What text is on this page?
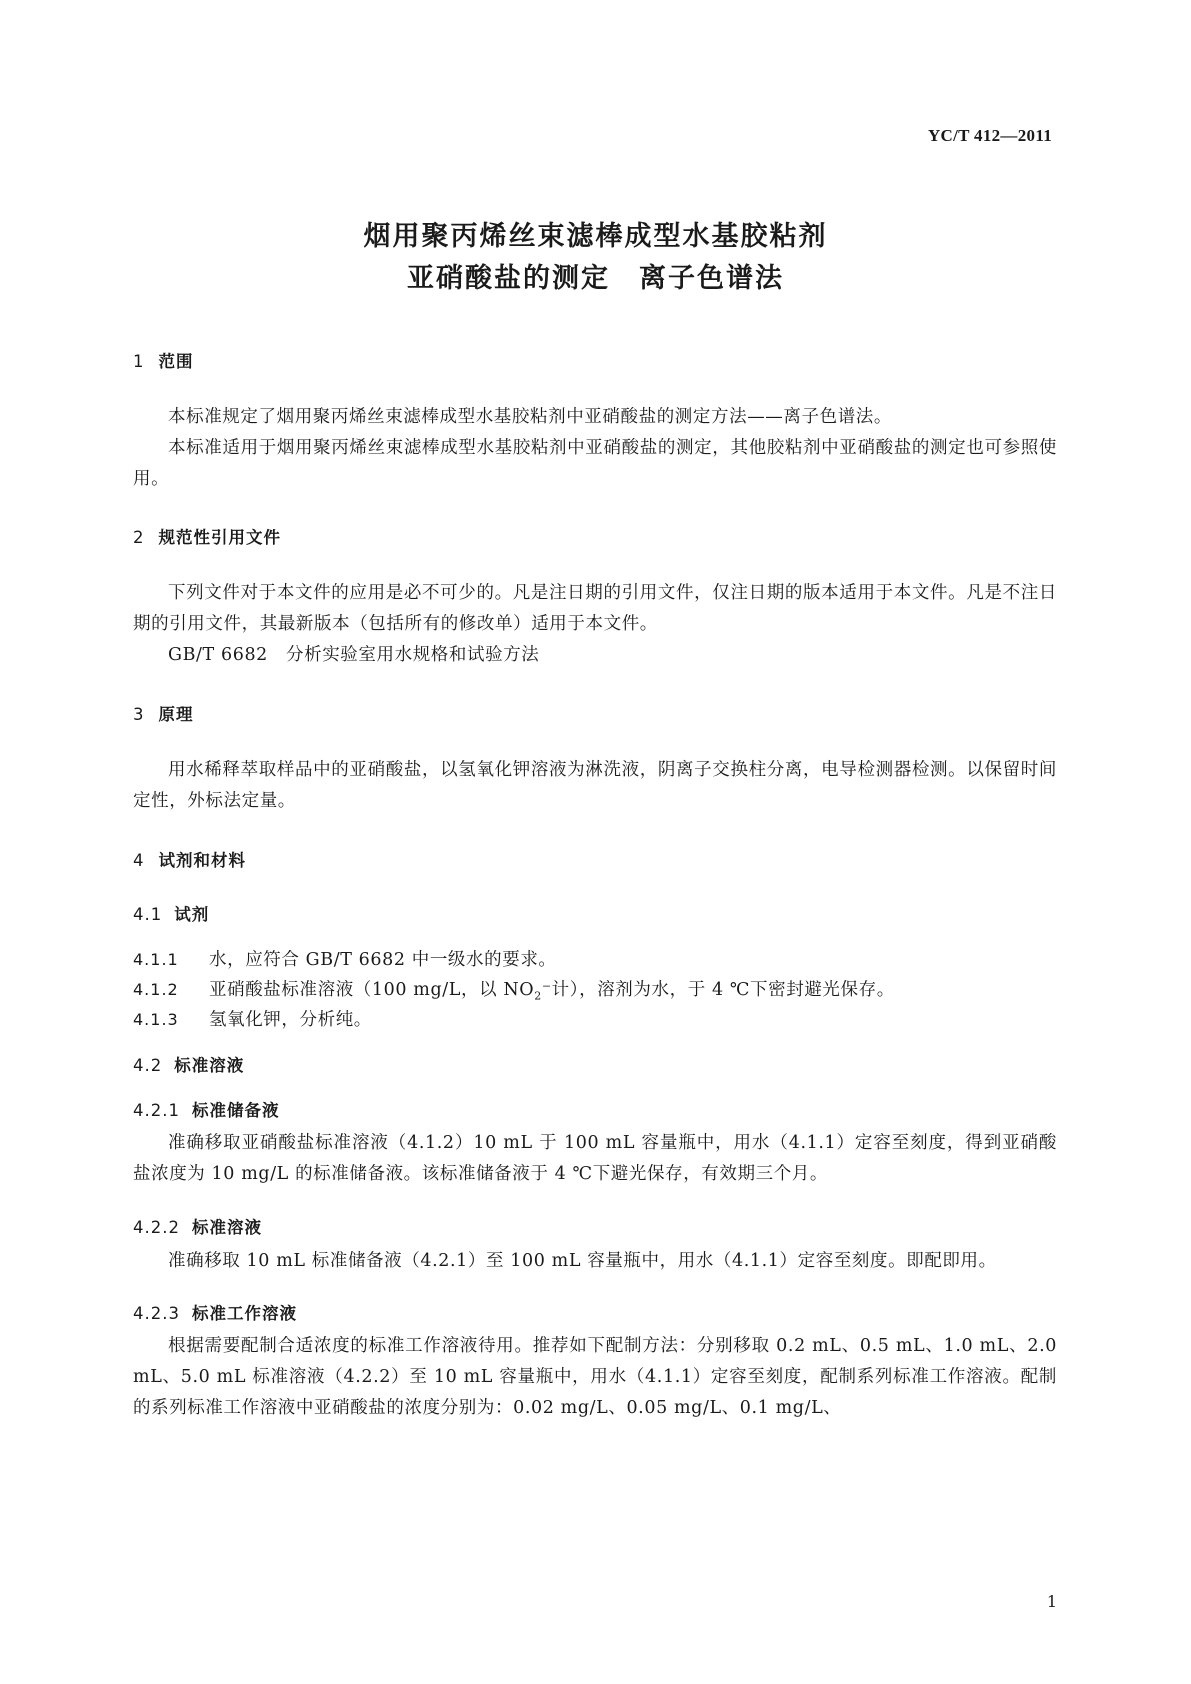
YC/T 412—2011
烟用聚丙烯丝束滤棒成型水基胶粘剂
亚硝酸盐的测定　离子色谱法
1 范围
本标准规定了烟用聚丙烯丝束滤棒成型水基胶粘剂中亚硝酸盐的测定方法——离子色谱法。
本标准适用于烟用聚丙烯丝束滤棒成型水基胶粘剂中亚硝酸盐的测定，其他胶粘剂中亚硝酸盐的测定也可参照使用。
2 规范性引用文件
下列文件对于本文件的应用是必不可少的。凡是注日期的引用文件，仅注日期的版本适用于本文件。凡是不注日期的引用文件，其最新版本（包括所有的修改单）适用于本文件。
GB/T 6682　分析实验室用水规格和试验方法
3 原理
用水稀释萃取样品中的亚硝酸盐，以氢氧化钾溶液为淋洗液，阴离子交换柱分离，电导检测器检测。以保留时间定性，外标法定量。
4 试剂和材料
4.1 试剂
4.1.1 水，应符合 GB/T 6682 中一级水的要求。
4.1.2 亚硝酸盐标准溶液（100 mg/L，以 $NO_2^-$计），溶剂为水，于 4 ℃下密封避光保存。
4.1.3 氢氧化钾，分析纯。
4.2 标准溶液
4.2.1 标准储备液
准确移取亚硝酸盐标准溶液（4.1.2）10 mL 于 100 mL 容量瓶中，用水（4.1.1）定容至刻度，得到亚硝酸盐浓度为 10 mg/L 的标准储备液。该标准储备液于 4 ℃下避光保存，有效期三个月。
4.2.2 标准溶液
准确移取 10 mL 标准储备液（4.2.1）至 100 mL 容量瓶中，用水（4.1.1）定容至刻度。即配即用。
4.2.3 标准工作溶液
根据需要配制合适浓度的标准工作溶液待用。推荐如下配制方法：分别移取 0.2 mL、0.5 mL、1.0 mL、2.0 mL、5.0 mL 标准溶液（4.2.2）至 10 mL 容量瓶中，用水（4.1.1）定容至刻度，配制系列标准工作溶液。配制的系列标准工作溶液中亚硝酸盐的浓度分别为：0.02 mg/L、0.05 mg/L、0.1 mg/L、
1
